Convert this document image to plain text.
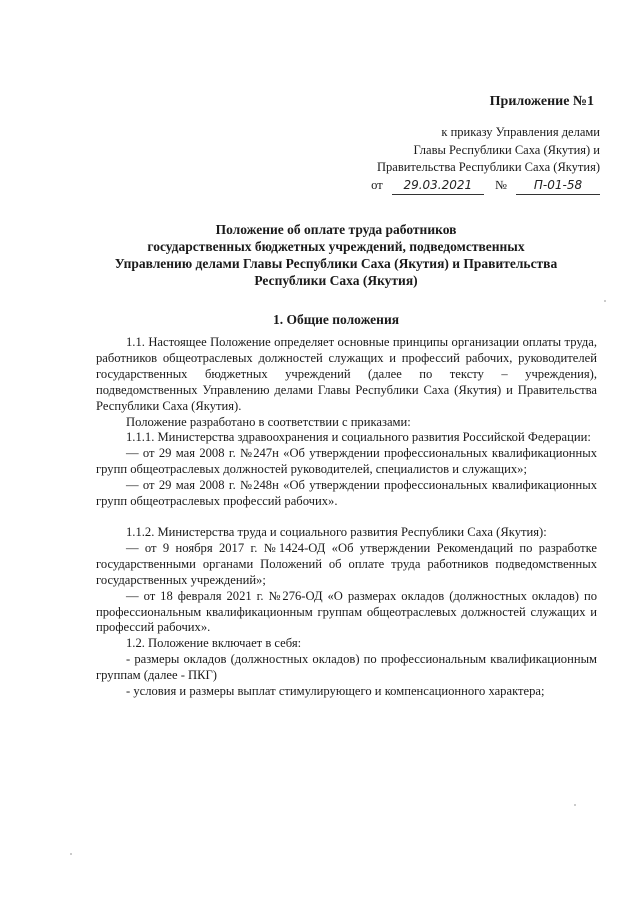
Приложение №1
к приказу Управления делами
Главы Республики Саха (Якутия) и
Правительства Республики Саха (Якутия)
от 29.03.2021 № П-01-58
Положение об оплате труда работников
государственных бюджетных учреждений, подведомственных
Управлению делами Главы Республики Саха (Якутия) и Правительства
Республики Саха (Якутия)
1. Общие положения

1.1. Настоящее Положение определяет основные принципы организации оплаты труда, работников общеотраслевых должностей служащих и профессий рабочих, руководителей государственных бюджетных учреждений (далее по тексту – учреждения), подведомственных Управлению делами Главы Республики Саха (Якутия) и Правительства Республики Саха (Якутия).

Положение разработано в соответствии с приказами:

1.1.1. Министерства здравоохранения и социального развития Российской Федерации:

— от 29 мая 2008 г. №247н «Об утверждении профессиональных квалификационных групп общеотраслевых должностей руководителей, специалистов и служащих»;

— от 29 мая 2008 г. №248н «Об утверждении профессиональных квалификационных групп общеотраслевых профессий рабочих».

1.1.2. Министерства труда и социального развития Республики Саха (Якутия):

— от 9 ноября 2017 г. №1424-ОД «Об утверждении Рекомендаций по разработке государственными органами Положений об оплате труда работников подведомственных государственных учреждений»;

— от 18 февраля 2021 г. №276-ОД «О размерах окладов (должностных окладов) по профессиональным квалификационным группам общеотраслевых должностей служащих и профессий рабочих».

1.2. Положение включает в себя:

- размеры окладов (должностных окладов) по профессиональным квалификационным группам (далее - ПКГ)

- условия и размеры выплат стимулирующего и компенсационного характера;
